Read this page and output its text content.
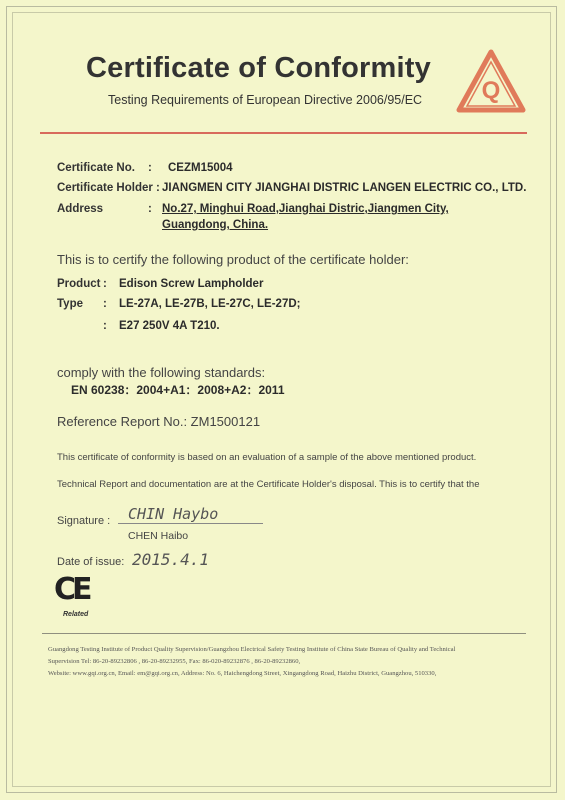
Certificate of Conformity
Testing Requirements of European Directive 2006/95/EC Q
Certificate No. : CEZM15004
Certificate Holder : JIANGMEN CITY JIANGHAI DISTRIC LANGEN ELECTRIC CO., LTD.
Address	: No.27, Minghui Road,Jianghai Distric,Jiangmen City,
Guangdong, China.
This is to certify the following product of the certificate holder:
Product : Edison Screw Lampholder
Type : LE-27A, LE-27B, LE-27C, LE-27D;
: E27 250V 4A T210.
comply with the following standards:
EN 60238：2004+A1：2008+A2：2011
Reference Report No.: ZM1500121
This certificate of conformity is based on an evaluation of a sample of the above mentioned product.
Technical Report and documentation are at the Certificate Holder's disposal. This is to certify that the
Signature : CHIN Haybo
CHEN Haibo
Date of issue: 2015.4.1
CE
Related
Guangdong Testing Institute of Product Quality Supervision/Guangzhou Electrical Safety Testing Institute of China State Bureau of Quality and Technical
Supervision Tel: 86-20-89232806 , 86-20-89232955, Fax: 86-020-89232876 , 86-20-89232860,
Website: www.gqi.org.cn, Email: em@gqi.org.cn, Address: No. 6, Haichengdong Street, Xingangdong Road, Haizhu District, Guangzhou, 510330,
